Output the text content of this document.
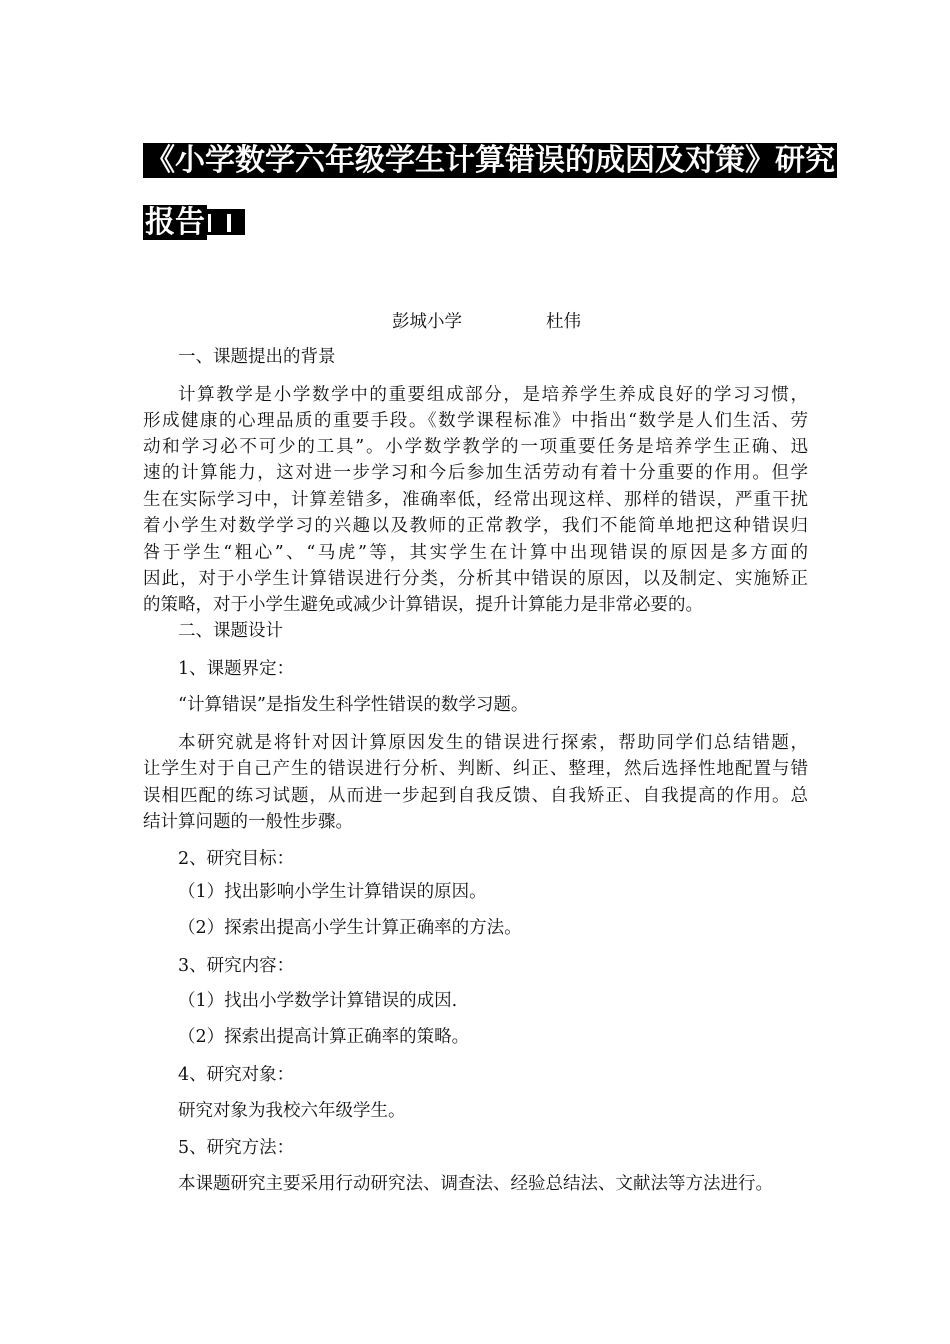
《小学数学六年级学生计算错误的成因及对策》研究
报告
彭城小学	杜伟
一、课题提出的背景
计算教学是小学数学中的重要组成部分，是培养学生养成良好的学习习惯，
形成健康的心理品质的重要手段。《数学课程标准》中指出“数学是人们生活、劳
动和学习必不可少的工具”。小学数学教学的一项重要任务是培养学生正确、迅
速的计算能力，这对进一步学习和今后参加生活劳动有着十分重要的作用。但学
生在实际学习中，计算差错多，准确率低，经常出现这样、那样的错误，严重干扰
着小学生对数学学习的兴趣以及教师的正常教学，我们不能简单地把这种错误归
咎于学生“粗心”、“马虎”等，其实学生在计算中出现错误的原因是多方面的
因此，对于小学生计算错误进行分类，分析其中错误的原因，以及制定、实施矫正
的策略，对于小学生避免或减少计算错误，提升计算能力是非常必要的。
二、课题设计
1、课题界定：
“计算错误”是指发生科学性错误的数学习题。
本研究就是将针对因计算原因发生的错误进行探索，帮助同学们总结错题，
让学生对于自己产生的错误进行分析、判断、纠正、整理，然后选择性地配置与错
误相匹配的练习试题，从而进一步起到自我反馈、自我矫正、自我提高的作用。总
结计算问题的一般性步骤。
2、研究目标：
（1）找出影响小学生计算错误的原因。
（2）探索出提高小学生计算正确率的方法。
3、研究内容：
（1）找出小学数学计算错误的成因.
（2）探索出提高计算正确率的策略。
4、研究对象：
研究对象为我校六年级学生。
5、研究方法：
本课题研究主要采用行动研究法、调查法、经验总结法、文献法等方法进行。
